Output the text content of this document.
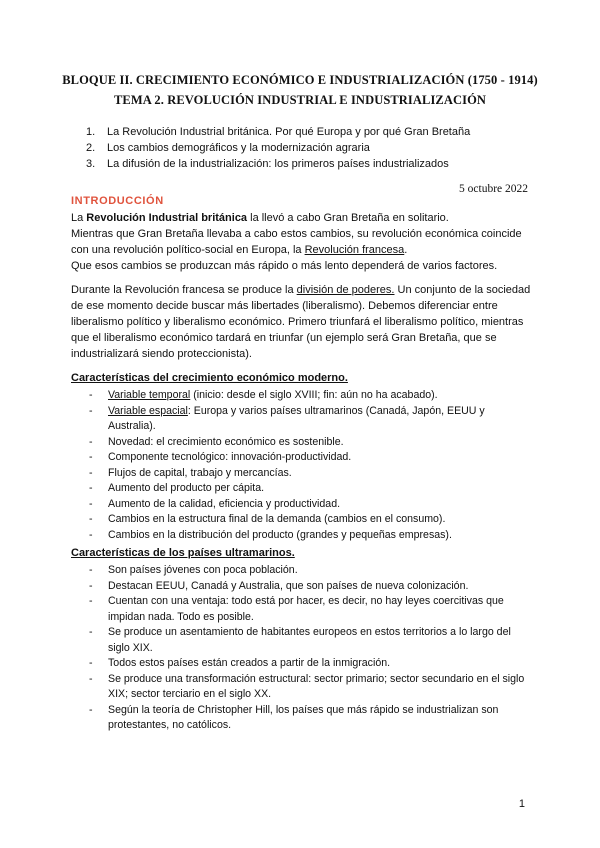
BLOQUE II. CRECIMIENTO ECONÓMICO E INDUSTRIALIZACIÓN (1750 - 1914)
TEMA 2. REVOLUCIÓN INDUSTRIAL E INDUSTRIALIZACIÓN
1. La Revolución Industrial británica. Por qué Europa y por qué Gran Bretaña
2. Los cambios demográficos y la modernización agraria
3. La difusión de la industrialización: los primeros países industrializados
5 octubre 2022
INTRODUCCIÓN

La Revolución Industrial británica la llevó a cabo Gran Bretaña en solitario.

Mientras que Gran Bretaña llevaba a cabo estos cambios, su revolución económica coincide con una revolución político-social en Europa, la Revolución francesa.

Que esos cambios se produzcan más rápido o más lento dependerá de varios factores.

Durante la Revolución francesa se produce la división de poderes. Un conjunto de la sociedad de ese momento decide buscar más libertades (liberalismo). Debemos diferenciar entre liberalismo político y liberalismo económico. Primero triunfará el liberalismo político, mientras que el liberalismo económico tardará en triunfar (un ejemplo será Gran Bretaña, que se industrializará siendo proteccionista).

Características del crecimiento económico moderno.
- Variable temporal (inicio: desde el siglo XVIII; fin: aún no ha acabado).
- Variable espacial: Europa y varios países ultramarinos (Canadá, Japón, EEUU y Australia).
- Novedad: el crecimiento económico es sostenible.
- Componente tecnológico: innovación-productividad.
- Flujos de capital, trabajo y mercancías.
- Aumento del producto per cápita.
- Aumento de la calidad, eficiencia y productividad.
- Cambios en la estructura final de la demanda (cambios en el consumo).
- Cambios en la distribución del producto (grandes y pequeñas empresas).
Características de los países ultramarinos.
- Son países jóvenes con poca población.
- Destacan EEUU, Canadá y Australia, que son países de nueva colonización.
- Cuentan con una ventaja: todo está por hacer, es decir, no hay leyes coercitivas que impidan nada. Todo es posible.
- Se produce un asentamiento de habitantes europeos en estos territorios a lo largo del siglo XIX.
- Todos estos países están creados a partir de la inmigración.
- Se produce una transformación estructural: sector primario; sector secundario en el siglo XIX; sector terciario en el siglo XX.
- Según la teoría de Christopher Hill, los países que más rápido se industrializan son protestantes, no católicos.
1
